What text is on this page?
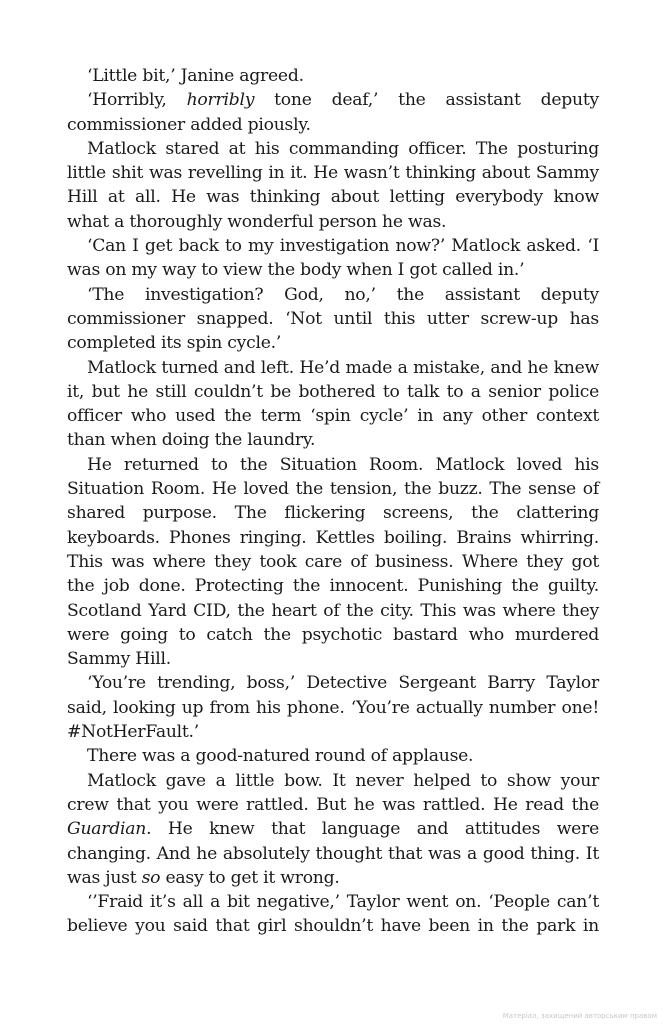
‘Little bit,’ Janine agreed.

‘Horribly, horribly tone deaf,’ the assistant deputy commissioner added piously.

Matlock stared at his commanding officer. The posturing little shit was revelling in it. He wasn’t thinking about Sammy Hill at all. He was thinking about letting everybody know what a thoroughly wonderful person he was.

‘Can I get back to my investigation now?’ Matlock asked. ‘I was on my way to view the body when I got called in.’

‘The investigation? God, no,’ the assistant deputy commissioner snapped. ‘Not until this utter screw-up has completed its spin cycle.’

Matlock turned and left. He’d made a mistake, and he knew it, but he still couldn’t be bothered to talk to a senior police officer who used the term ‘spin cycle’ in any other context than when doing the laundry.

He returned to the Situation Room. Matlock loved his Situation Room. He loved the tension, the buzz. The sense of shared purpose. The flickering screens, the clattering keyboards. Phones ringing. Kettles boiling. Brains whirring. This was where they took care of business. Where they got the job done. Protecting the innocent. Punishing the guilty. Scotland Yard CID, the heart of the city. This was where they were going to catch the psychotic bastard who murdered Sammy Hill.

‘You’re trending, boss,’ Detective Sergeant Barry Taylor said, looking up from his phone. ‘You’re actually number one! #NotHerFault.’

There was a good-natured round of applause.

Matlock gave a little bow. It never helped to show your crew that you were rattled. But he was rattled. He read the Guardian. He knew that language and attitudes were changing. And he absolutely thought that was a good thing. It was just so easy to get it wrong.

‘’Fraid it’s all a bit negative,’ Taylor went on. ‘People can’t believe you said that girl shouldn’t have been in the park in

Матеріал, захищений авторським правом
